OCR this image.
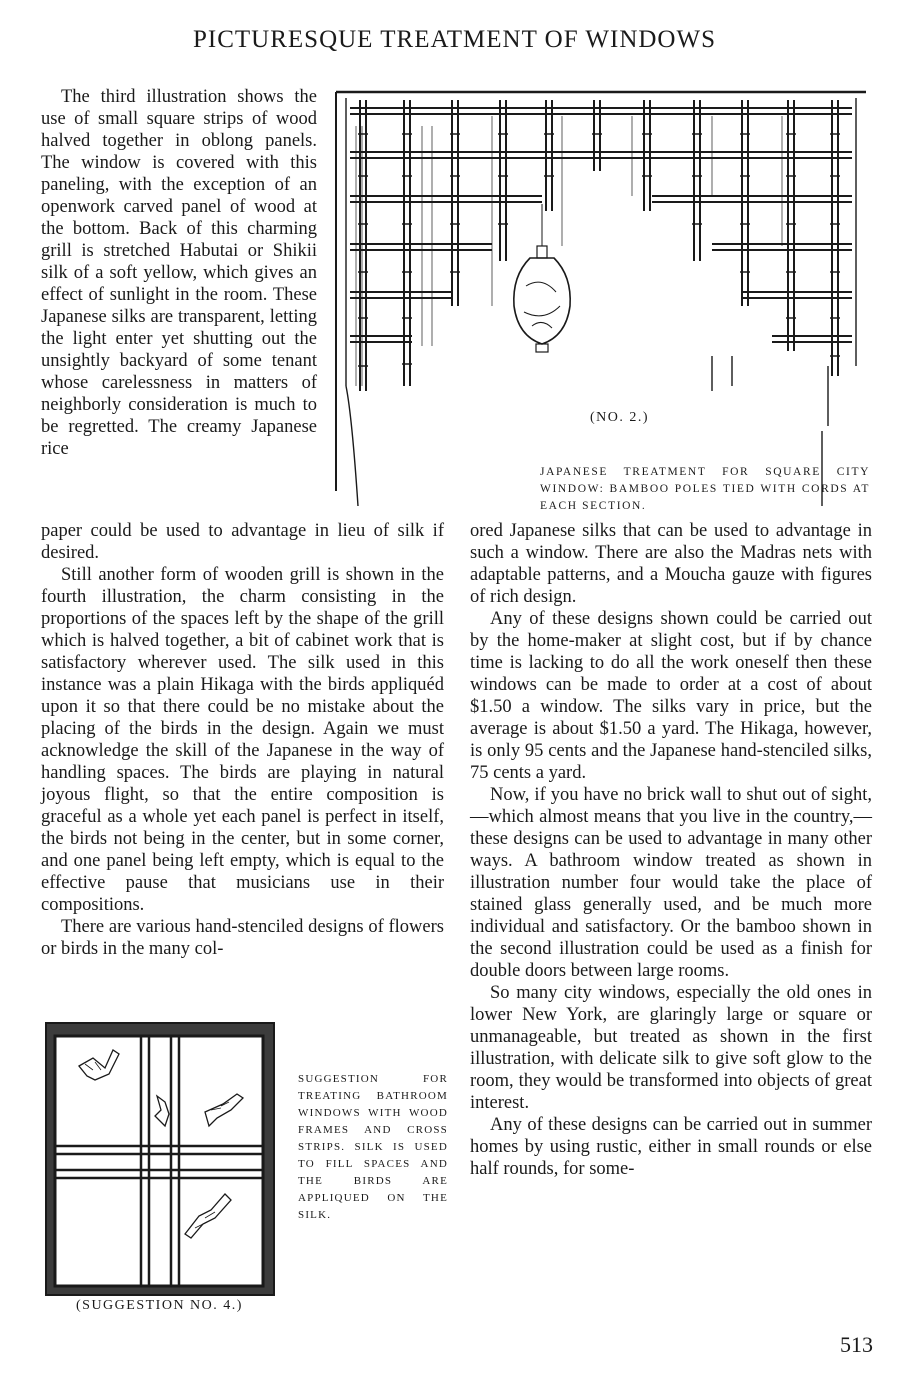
PICTURESQUE TREATMENT OF WINDOWS
(NO. 2.)
JAPANESE TREATMENT FOR SQUARE CITY WINDOW: BAMBOO POLES TIED WITH CORDS AT EACH SECTION.

The third illustration shows the use of small square strips of wood halved together in oblong panels. The window is covered with this paneling, with the exception of an openwork carved panel of wood at the bottom. Back of this charming grill is stretched Habutai or Shikii silk of a soft yellow, which gives an effect of sunlight in the room. These Japanese silks are transparent, letting the light enter yet shutting out the unsightly backyard of some tenant whose carelessness in matters of neighborly consideration is much to be regretted. The creamy Japanese rice

paper could be used to advantage in lieu of silk if desired.

Still another form of wooden grill is shown in the fourth illustration, the charm consisting in the proportions of the spaces left by the shape of the grill which is halved together, a bit of cabinet work that is satisfactory wherever used. The silk used in this instance was a plain Hikaga with the birds appliquéd upon it so that there could be no mistake about the placing of the birds in the design. Again we must acknowledge the skill of the Japanese in the way of handling spaces. The birds are playing in natural joyous flight, so that the entire composition is graceful as a whole yet each panel is perfect in itself, the birds not being in the center, but in some corner, and one panel being left empty, which is equal to the effective pause that musicians use in their compositions.

There are various hand-stenciled designs of flowers or birds in the many col-

SUGGESTION FOR TREATING BATHROOM WINDOWS WITH WOOD FRAMES AND CROSS STRIPS. SILK IS USED TO FILL SPACES AND THE BIRDS ARE APPLIQUED ON THE SILK.
(SUGGESTION NO. 4.)

ored Japanese silks that can be used to advantage in such a window. There are also the Madras nets with adaptable patterns, and a Moucha gauze with figures of rich design.

Any of these designs shown could be carried out by the home-maker at slight cost, but if by chance time is lacking to do all the work oneself then these windows can be made to order at a cost of about $1.50 a window. The silks vary in price, but the average is about $1.50 a yard. The Hikaga, however, is only 95 cents and the Japanese hand-stenciled silks, 75 cents a yard.

Now, if you have no brick wall to shut out of sight,—which almost means that you live in the country,—these designs can be used to advantage in many other ways. A bathroom window treated as shown in illustration number four would take the place of stained glass generally used, and be much more individual and satisfactory. Or the bamboo shown in the second illustration could be used as a finish for double doors between large rooms.

So many city windows, especially the old ones in lower New York, are glaringly large or square or unmanageable, but treated as shown in the first illustration, with delicate silk to give soft glow to the room, they would be transformed into objects of great interest.

Any of these designs can be carried out in summer homes by using rustic, either in small rounds or else half rounds, for some-

513
